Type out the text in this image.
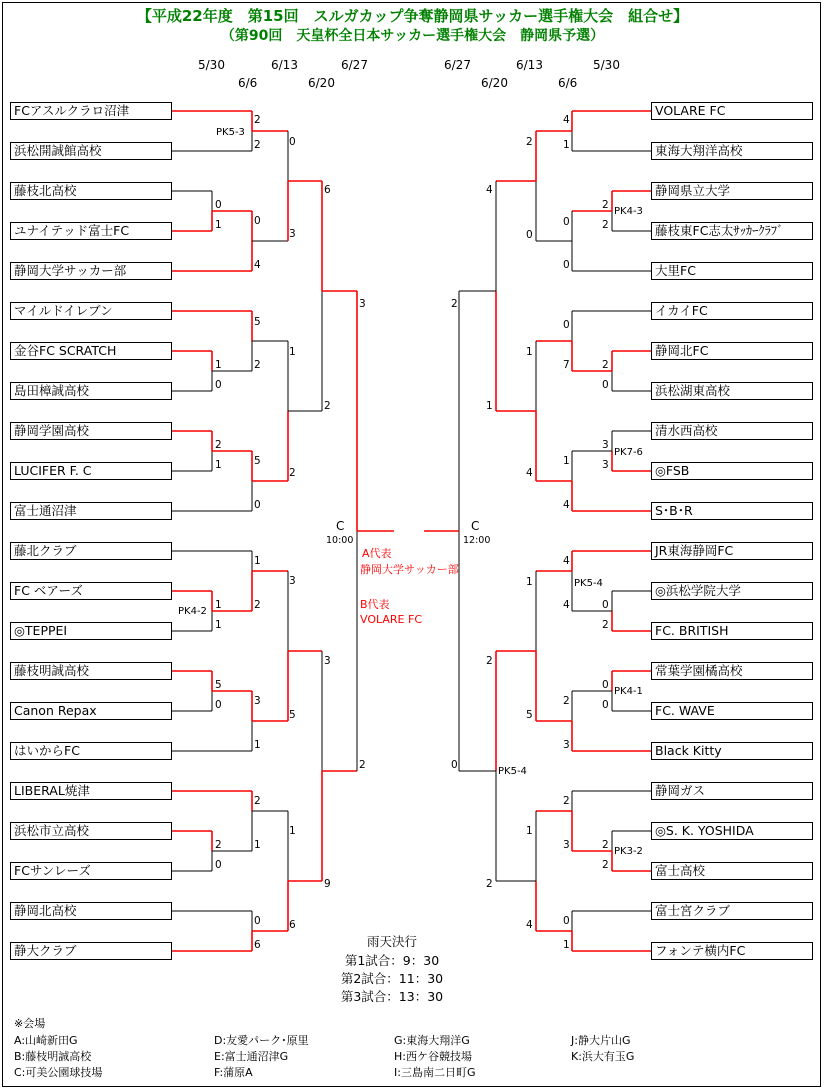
【平成22年度　第15回　スルガカップ争奪静岡県サッカー選手権大会　組合せ】
（第90回　天皇杯全日本サッカー選手権大会　静岡県予選）
5/30
6/6
6/13
6/20
6/27	6/27
6/20
6/13
6/6
5/30
FCアスルクラロ沼津
浜松開誠館高校
藤枝北高校
ユナイテッド富士FC
静岡大学サッカー部
マイルドイレブン
金谷FC SCRATCH
島田樟誠高校
静岡学園高校
LUCIFER F. C
富士通沼津
藤北クラブ
FC ベアーズ
◎TEPPEI
藤枝明誠高校
Canon Repax
はいからFC
LIBERAL焼津
浜松市立高校
FCサンレーズ
静岡北高校
静大クラブ
VOLARE FC
東海大翔洋高校
静岡県立大学
藤枝東FC志太ｻｯｶｰｸﾗﾌﾞ
大里FC
イカイFC
静岡北FC
浜松湖東高校
清水西高校
◎FSB
S･B･R
JR東海静岡FC
◎浜松学院大学
FC. BRITISH
常葉学園橘高校
FC. WAVE
Black Kitty
静岡ガス
◎S. K. YOSHIDA
富士高校
富士宮クラブ
フォンテ横内FC
2
2
PK5-3
0
1
1
0
2
1
1
1
PK4-2
5
0
2
0
0
4
5
2
5
0
1
2
3
1
2
1
0
6
0
3
1
2
3
5
1
6
6
2
3
9
3
2
4
1
2
2
PK4-3
2
0
3
3
PK7-6
0
2
0
0
PK4-1
2
2
PK3-2
0
0
0
7
1
4
4
4
PK5-4
2
3
2
3
0
1
2
0
1
4
1
5
1
4
4
1
2
2
PK5-4
2
0
C
10:00
C
12:00
A代表
静岡大学サッカー部
B代表
VOLARE FC
雨天決行
第1試合：9：30
第2試合：11：30
第3試合：13：30
※会場
A:山崎新田G
B:藤枝明誠高校
C:可美公園球技場
D:友愛パーク･原里
E:富士通沼津G
F:蒲原A
G:東海大翔洋G
H:西ケ谷競技場
I:三島南二日町G
J:静大片山G
K:浜大有玉G
